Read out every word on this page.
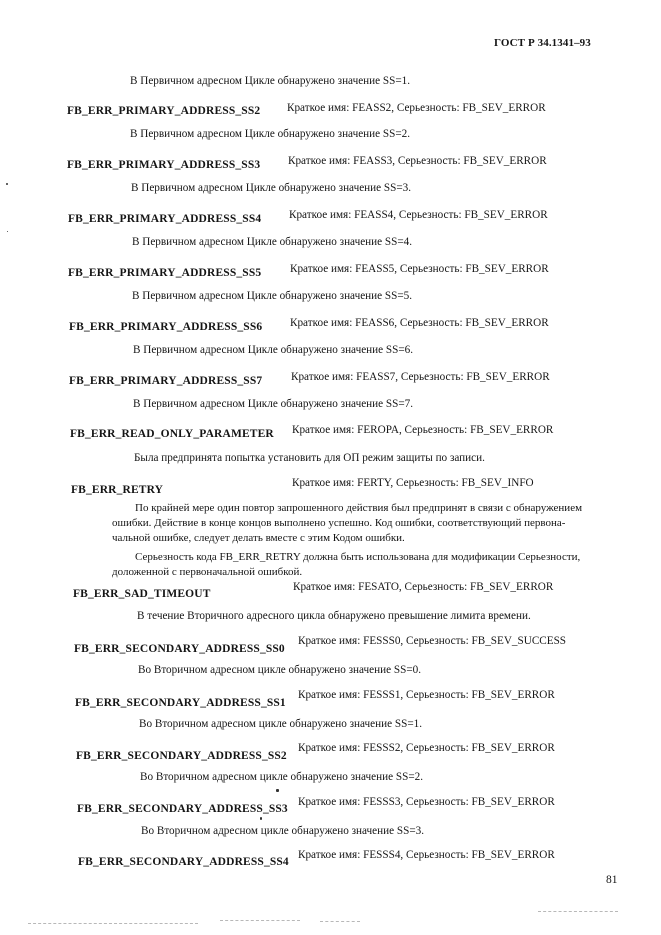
ГОСТ Р 34.1341–93
В Первичном адресном Цикле обнаружено значение SS=1.
FB_ERR_PRIMARY_ADDRESS_SS2 Краткое имя: FEASS2, Серьезность: FB_SEV_ERROR
В Первичном адресном Цикле обнаружено значение SS=2.
FB_ERR_PRIMARY_ADDRESS_SS3 Краткое имя: FEASS3, Серьезность: FB_SEV_ERROR
В Первичном адресном Цикле обнаружено значение SS=3.
FB_ERR_PRIMARY_ADDRESS_SS4 Краткое имя: FEASS4, Серьезность: FB_SEV_ERROR
В Первичном адресном Цикле обнаружено значение SS=4.
FB_ERR_PRIMARY_ADDRESS_SS5	Краткое имя: FEASS5, Серьезность: FB_SEV_ERROR
В Первичном адресном Цикле обнаружено значение SS=5.
FB_ERR_PRIMARY_ADDRESS_SS6 Краткое имя: FEASS6, Серьезность: FB_SEV_ERROR
В Первичном адресном Цикле обнаружено значение SS=6.
FB_ERR_PRIMARY_ADDRESS_SS7	Краткое имя: FEASS7, Серьезность: FB_SEV_ERROR
В Первичном адресном Цикле обнаружено значение SS=7.
FB_ERR_READ_ONLY_PARAMETER Краткое имя: FEROPA, Серьезность: FB_SEV_ERROR
Была предпринята попытка установить для ОП режим защиты по записи.
FB_ERR_RETRY
Краткое имя: FERTY, Серьезность: FB_SEV_INFO
По крайней мере один повтор запрошенного действия был предпринят в связи с обнаружением
ошибки. Действие в конце концов выполнено успешно. Код ошибки, соответствующий первона-
чальной ошибке, следует делать вместе с этим Кодом ошибки.
Серьезность кода FB_ERR_RETRY должна быть использована для модификации Серьезности,
доложенной с первоначальной ошибкой.
FB_ERR_SAD_TIMEOUT
Краткое имя: FESATO, Серьезность: FB_SEV_ERROR
В течение Вторичного адресного цикла обнаружено превышение лимита времени.
FB_ERR_SECONDARY_ADDRESS_SS0
Краткое имя: FESSS0, Серьезность: FB_SEV_SUCCESS
Во Вторичном адресном цикле обнаружено значение SS=0.
FB_ERR_SECONDARY_ADDRESS_SS1
Краткое имя: FESSS1, Серьезность: FB_SEV_ERROR
Во Вторичном адресном цикле обнаружено значение SS=1.
FB_ERR_SECONDARY_ADDRESS_SS2
Краткое имя: FESSS2, Серьезность: FB_SEV_ERROR
Во Вторичном адресном цикле обнаружено значение SS=2.
FB_ERR_SECONDARY_ADDRESS_SS3
Краткое имя: FESSS3, Серьезность: FB_SEV_ERROR
Во Вторичном адресном цикле обнаружено значение SS=3.
FB_ERR_SECONDARY_ADDRESS_SS4
Краткое имя: FESSS4, Серьезность: FB_SEV_ERROR
81
